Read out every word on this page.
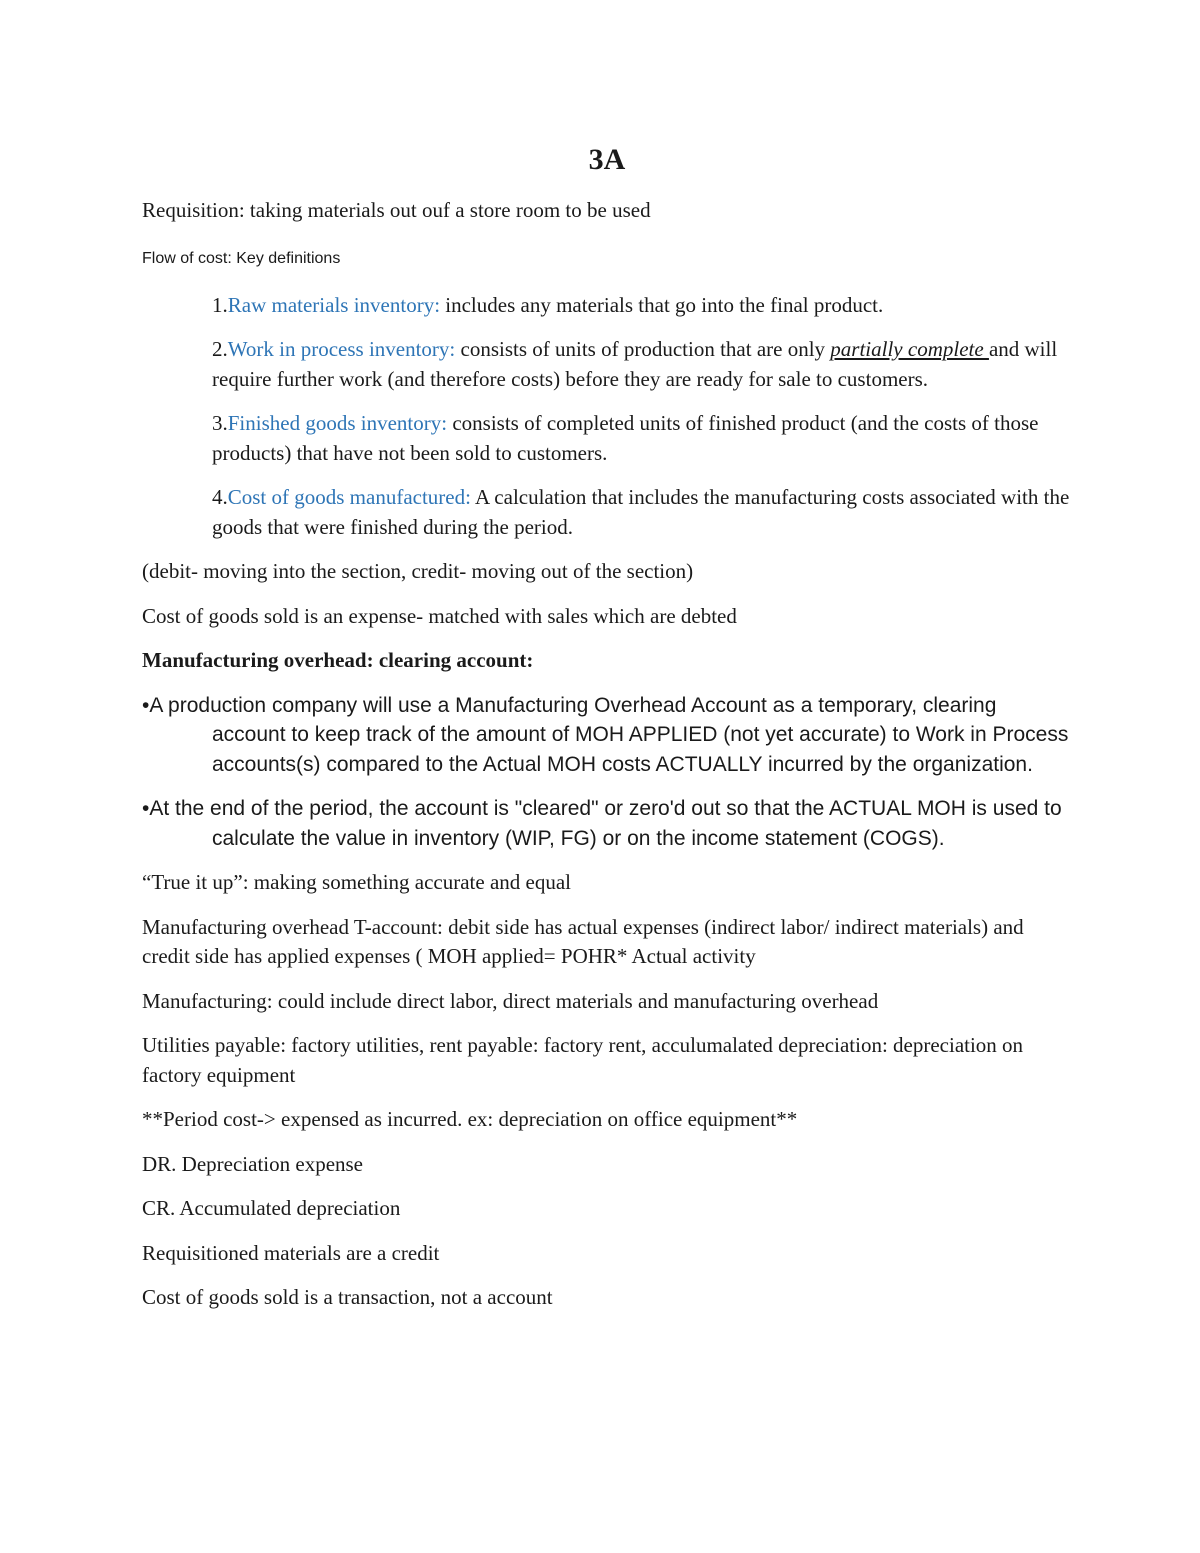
3A

Requisition: taking materials out ouf a store room to be used

Flow of cost: Key definitions

1.Raw materials inventory: includes any materials that go into the final product.

2.Work in process inventory: consists of units of production that are only partially complete and will require further work (and therefore costs) before they are ready for sale to customers.

3.Finished goods inventory: consists of completed units of finished product (and the costs of those products) that have not been sold to customers.

4.Cost of goods manufactured: A calculation that includes the manufacturing costs associated with the goods that were finished during the period.

(debit- moving into the section, credit- moving out of the section)

Cost of goods sold is an expense- matched with sales which are debted

Manufacturing overhead: clearing account:

•A production company will use a Manufacturing Overhead Account as a temporary, clearing account to keep track of the amount of MOH APPLIED (not yet accurate) to Work in Process accounts(s) compared to the Actual MOH costs ACTUALLY incurred by the organization.

•At the end of the period, the account is "cleared" or zero'd out so that the ACTUAL MOH is used to calculate the value in inventory (WIP, FG) or on the income statement (COGS).

“True it up”: making something accurate and equal

Manufacturing overhead T-account: debit side has actual expenses (indirect labor/ indirect materials) and credit side has applied expenses ( MOH applied= POHR* Actual activity

Manufacturing: could include direct labor, direct materials and manufacturing overhead

Utilities payable: factory utilities, rent payable: factory rent, acculumalated depreciation: depreciation on factory equipment

**Period cost-> expensed as incurred. ex: depreciation on office equipment**

DR. Depreciation expense

CR. Accumulated depreciation

Requisitioned materials are a credit

Cost of goods sold is a transaction, not a account
